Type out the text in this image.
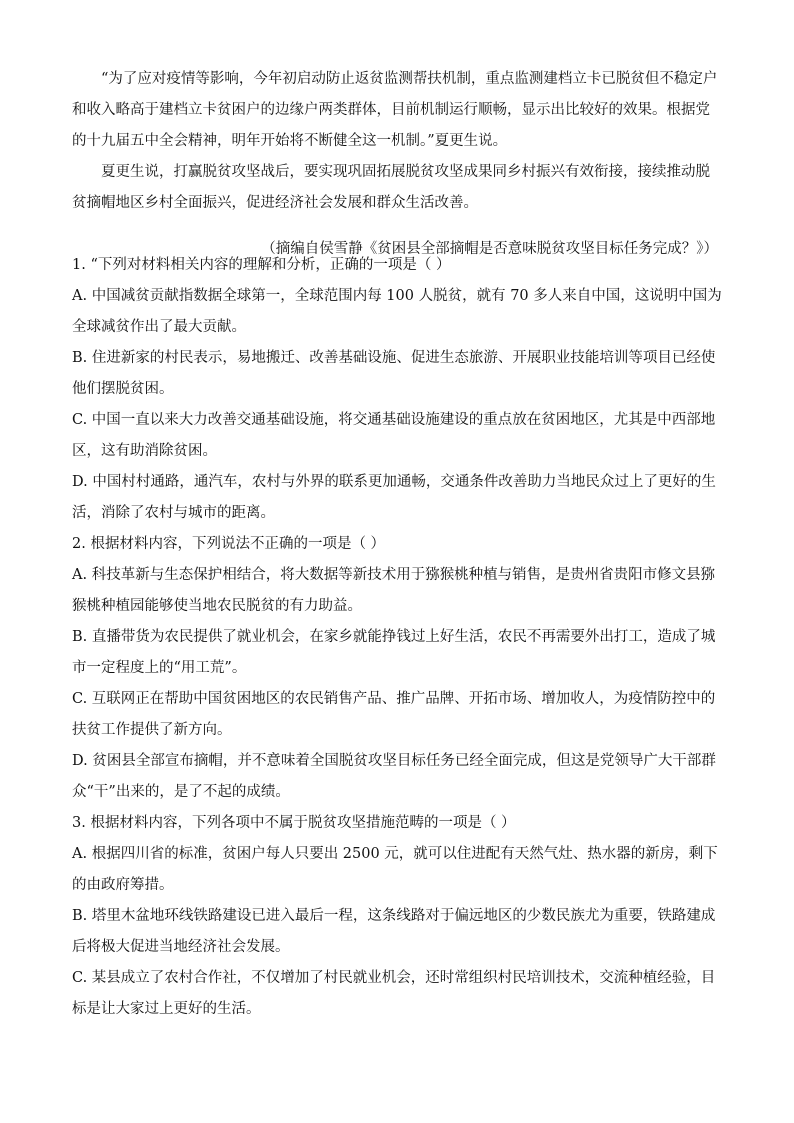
“为了应对疫情等影响，今年初启动防止返贫监测帮扶机制，重点监测建档立卡已脱贫但不稳定户和收入略高于建档立卡贫困户的边缘户两类群体，目前机制运行顺畅，显示出比较好的效果。根据党的十九届五中全会精神，明年开始将不断健全这一机制。”夏更生说。

夏更生说，打赢脱贫攻坚战后，要实现巩固拓展脱贫攻坚成果同乡村振兴有效衔接，接续推动脱贫摘帽地区乡村全面振兴，促进经济社会发展和群众生活改善。

（摘编自侯雪静《贫困县全部摘帽是否意味脱贫攻坚目标任务完成？》）

1. “下列对材料相关内容的理解和分析，正确的一项是（ ）

A. 中国减贫贡献指数据全球第一，全球范围内每 100 人脱贫，就有 70 多人来自中国，这说明中国为全球减贫作出了最大贡献。

B. 住进新家的村民表示，易地搬迁、改善基础设施、促进生态旅游、开展职业技能培训等项目已经使他们摆脱贫困。

C. 中国一直以来大力改善交通基础设施，将交通基础设施建设的重点放在贫困地区，尤其是中西部地区，这有助消除贫困。

D. 中国村村通路，通汽车，农村与外界的联系更加通畅，交通条件改善助力当地民众过上了更好的生活，消除了农村与城市的距离。

2. 根据材料内容，下列说法不正确的一项是（ ）

A. 科技革新与生态保护相结合，将大数据等新技术用于猕猴桃种植与销售，是贵州省贵阳市修文县猕猴桃种植园能够使当地农民脱贫的有力助益。

B. 直播带货为农民提供了就业机会，在家乡就能挣钱过上好生活，农民不再需要外出打工，造成了城市一定程度上的“用工荒”。

C. 互联网正在帮助中国贫困地区的农民销售产品、推广品牌、开拓市场、增加收人，为疫情防控中的扶贫工作提供了新方向。

D. 贫困县全部宣布摘帽，并不意味着全国脱贫攻坚目标任务已经全面完成，但这是党领导广大干部群众“干”出来的，是了不起的成绩。

3. 根据材料内容，下列各项中不属于脱贫攻坚措施范畴的一项是（ ）

A. 根据四川省的标准，贫困户每人只要出 2500 元，就可以住进配有天然气灶、热水器的新房，剩下的由政府筹措。

B. 塔里木盆地环线铁路建设已进入最后一程，这条线路对于偏远地区的少数民族尤为重要，铁路建成后将极大促进当地经济社会发展。

C. 某县成立了农村合作社，不仅增加了村民就业机会，还时常组织村民培训技术，交流种植经验，目标是让大家过上更好的生活。
